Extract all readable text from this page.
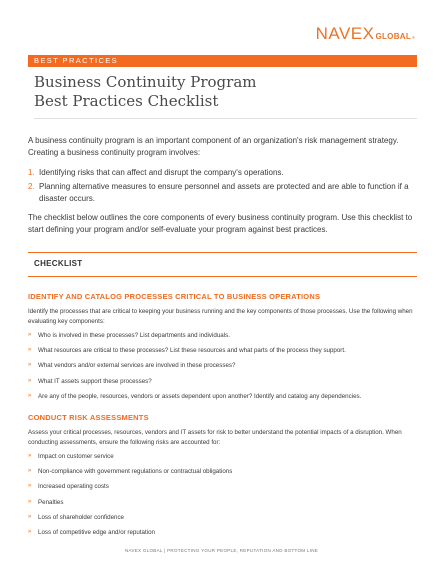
NAVEX GLOBAL ®
BEST PRACTICES
Business Continuity Program
Best Practices Checklist

A business continuity program is an important component of an organization's risk management strategy. Creating a business continuity program involves:

1. Identifying risks that can affect and disrupt the company's operations.
2. Planning alternative measures to ensure personnel and assets are protected and are able to function if a disaster occurs.

The checklist below outlines the core components of every business continuity program. Use this checklist to start defining your program and/or self-evaluate your program against best practices.

CHECKLIST
IDENTIFY AND CATALOG PROCESSES CRITICAL TO BUSINESS OPERATIONS

Identify the processes that are critical to keeping your business running and the key components of those processes. Use the following when evaluating key components:

»	Who is involved in these processes? List departments and individuals.
»	What resources are critical to these processes? List these resources and what parts of the process they support.
»	What vendors and/or external services are involved in these processes?
»	What IT assets support these processes?
»	Are any of the people, resources, vendors or assets dependent upon another? Identify and catalog any dependencies.
CONDUCT RISK ASSESSMENTS

Assess your critical processes, resources, vendors and IT assets for risk to better understand the potential impacts of a disruption. When conducting assessments, ensure the following risks are accounted for:

»	Impact on customer service
»	Non-compliance with government regulations or contractual obligations
»	Increased operating costs
»	Penalties
»	Loss of shareholder confidence
»	Loss of competitive edge and/or reputation
NAVEX GLOBAL | PROTECTING YOUR PEOPLE, REPUTATION AND BOTTOM LINE
